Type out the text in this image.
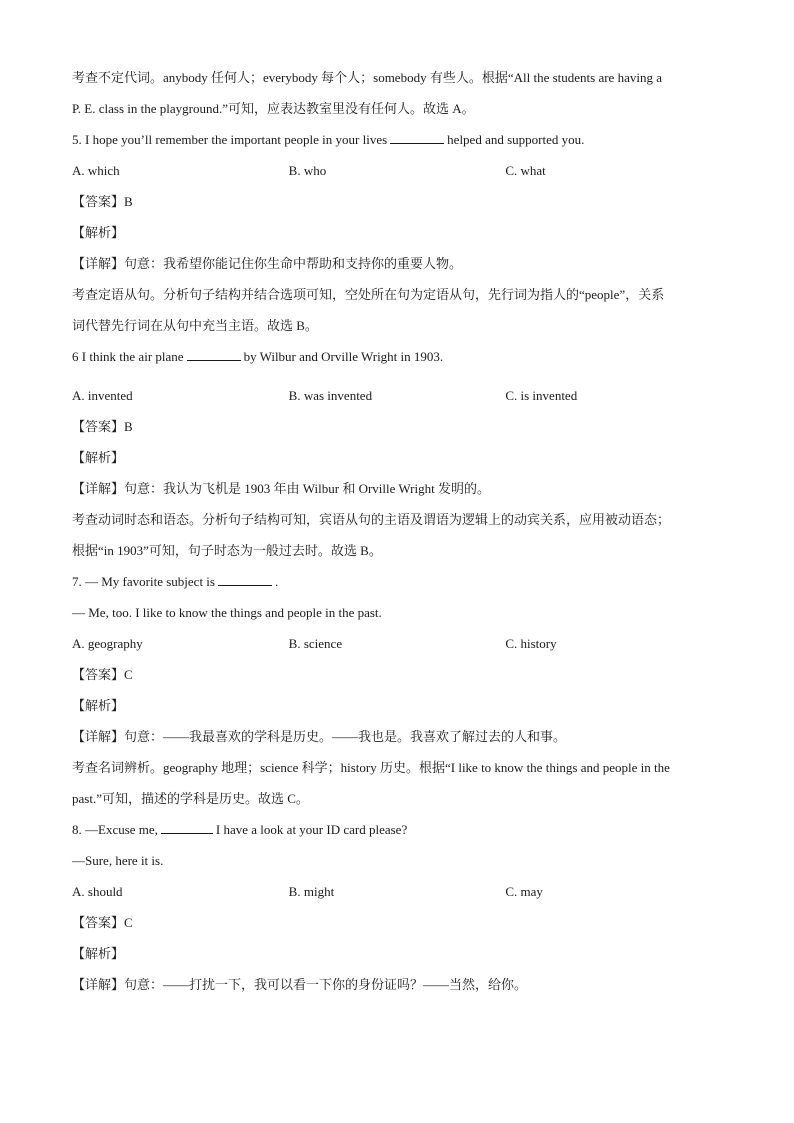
考查不定代词。anybody 任何人；everybody 每个人；somebody 有些人。根据“All the students are having a
P. E. class in the playground.”可知，应表达教室里没有任何人。故选 A。
5. I hope you’ll remember the important people in your lives	helped and supported you.
A. which	B. who	C. what
【答案】B
【解析】
【详解】句意：我希望你能记住你生命中帮助和支持你的重要人物。
考查定语从句。分析句子结构并结合选项可知，空处所在句为定语从句，先行词为指人的“people”，关系
词代替先行词在从句中充当主语。故选 B。
6 I think the air plane	by Wilbur and Orville Wright in 1903.
A. invented	B. was invented	C. is invented
【答案】B
【解析】
【详解】句意：我认为飞机是 1903 年由 Wilbur 和 Orville Wright 发明的。
考查动词时态和语态。分析句子结构可知，宾语从句的主语及谓语为逻辑上的动宾关系，应用被动语态；
根据“in 1903”可知，句子时态为一般过去时。故选 B。
7. — My favorite subject is	.
— Me, too. I like to know the things and people in the past.
A. geography	B. science	C. history
【答案】C
【解析】
【详解】句意：——我最喜欢的学科是历史。——我也是。我喜欢了解过去的人和事。
考查名词辨析。geography 地理；science 科学；history 历史。根据“I like to know the things and people in the
past.”可知，描述的学科是历史。故选 C。
8. —Excuse me,	I have a look at your ID card please?
—Sure, here it is.
A. should	B. might	C. may
【答案】C
【解析】
【详解】句意：——打扰一下，我可以看一下你的身份证吗？——当然，给你。
